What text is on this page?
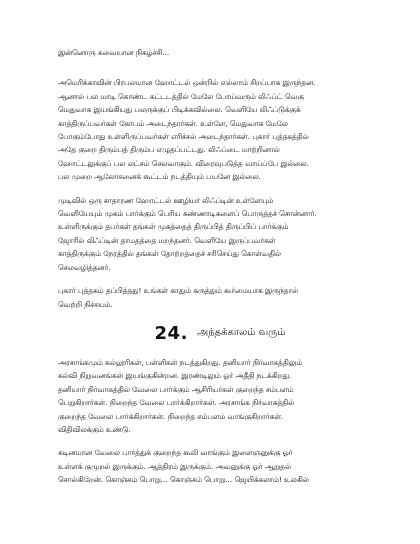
இன்னொரு சுவையான நிகழ்ச்சி...

அமெரிக்காவின் பிரபலமான ஹோட்டல் ஒன்றில் எல்லாம் சிறப்பாக இருந்தன.
ஆனால் பல மாடி கொண்ட கட்டடத்தில் மேலே போய்வரும் லிஃப்ட் வெகு
மெதுவாக இயங்கியது பலருக்குப் பிடிக்கவில்லை. வெளியே லிஃப்டுக்குக்
காத்திருப்பவர்கள் கோபம் அடைந்தார்கள். உள்ளே, மெதுவாக மேலே
போகும்போது உள்ளிருப்பவர்கள் எரிச்சல் அடைந்தார்கள். புகார் புத்தகத்தில்
அதே குறை திரும்பத் திரும்ப எழுதப்பட்டது. லிஃப்டை மாற்றினால்
ஹோட்டலுக்குப் பல லட்சம் செலவாகும். விரைவுபடுத்த வாய்ப்பே இல்லை.
பல முறை ஆலோசனைக் கூட்டம் நடத்தியும் பயனே இல்லை.

முடிவில் ஒரு சாதாரண ஹோட்டல் ஊழியர் லிஃப்டின் உள்ளேயும்
வெளியேயும் முகம் பார்க்கும் பெரிய கண்ணாடிகளைப் பொருத்தச் சொன்னார்.
உள்ளிருக்கும் தபர்கள் தங்கள் முகத்தைத் திருப்பித் திருப்பிப் பார்க்கும்
ஜோரில் லிஃப்டின் தாமதத்தை மறந்தனர். வெளியே இருப்பவர்கள்
காத்திருக்கும் நேரத்தில் தங்கள் தோற்றத்தைச் சரிசெய்து கொள்வதில்
செலவழித்தனர்.

புகார் புத்தகம் தப்பித்தது! உங்கள் காதும் கருத்தும் கூர்மையாக இருந்தால்
வெற்றி நிச்சயம்.

24. அந்தக்காலம் வரும்

அரசாங்கமும் கல்லூரிகள், பள்ளிகள் நடத்துகிறது. தனியார் நிர்வாகத்திலும்
கல்வி நிறுவனங்கள் இயங்குகின்றன. இரண்டிலும் ஓர் அதீதி நடக்கிறது.
தனியார் நிர்வாகத்தில் வேலை பார்க்கும் ஆசிரியர்கள் குறைந்த சம்பளம்
பெறுகிறார்கள். நிறைந்த வேலை பார்க்கிறார்கள். அரசாங்க நிர்வாகத்தில்
குறைந்த வேலை பார்க்கிறார்கள். நிறைந்த சம்பளம் வாங்குகிறார்கள்.
விதிவிலக்கும் உண்டு.

கடினமான வேலை பார்த்துக் குறைந்த கூலி வாங்கும் இளைஞனுக்கு ஓர்
உள்ளக் குமுறல் இருக்கும். ஆத்திரம் இருக்கும். அவனுக்கு ஓர் ஆறுதல்
சொல்கிறேன். கொஞ்சம் பொறு... கொஞ்சம் பொறு... ஜெயிக்கலாம்! உலகில்
